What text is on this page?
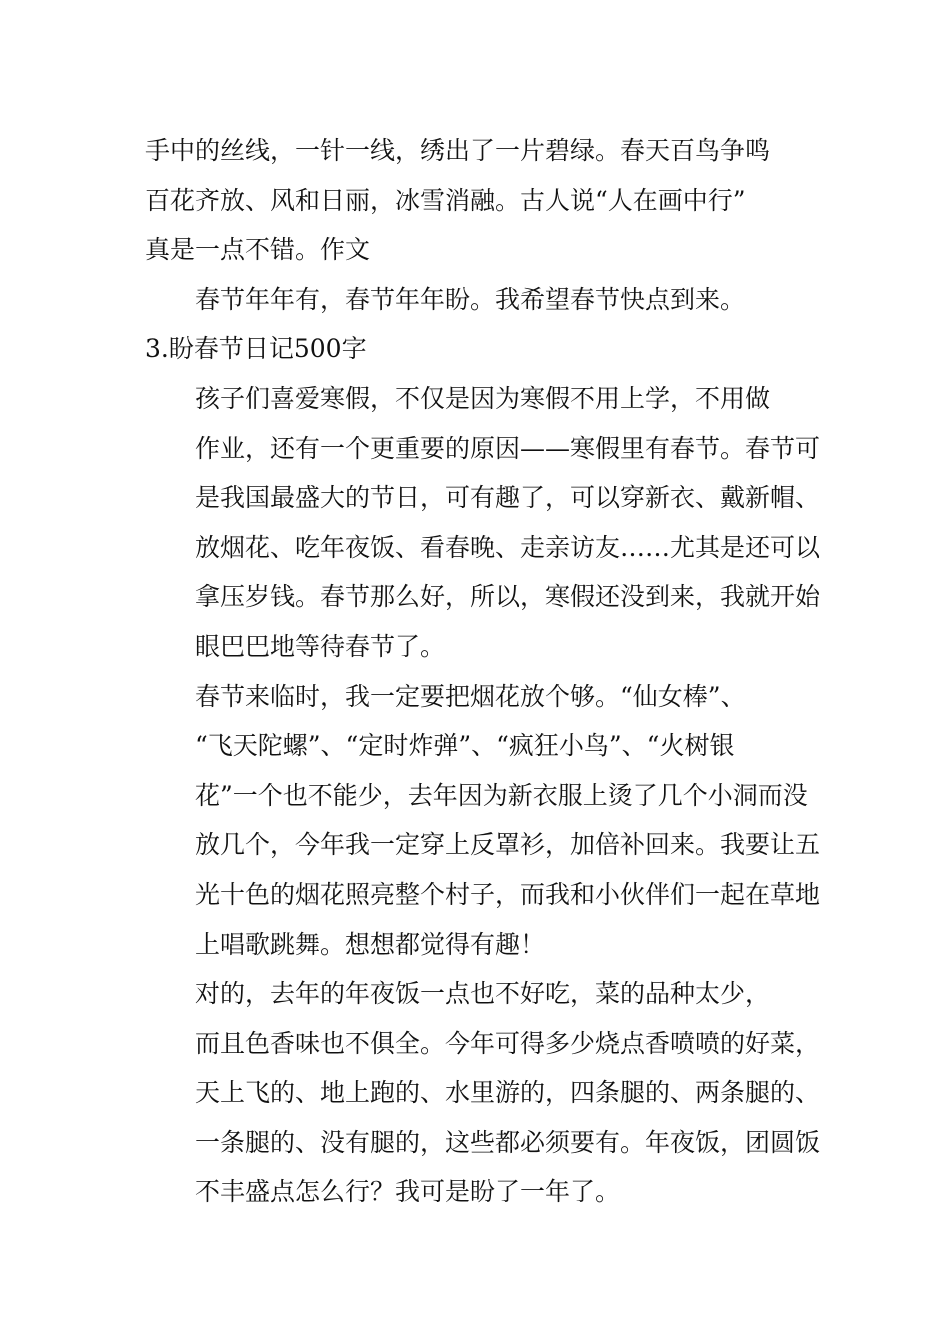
手中的丝线，一针一线，绣出了一片碧绿。春天百鸟争鸣
百花齐放、风和日丽，冰雪消融。古人说“人在画中行”
真是一点不错。作文

春节年年有，春节年年盼。我希望春节快点到来。

3.盼春节日记500字

孩子们喜爱寒假，不仅是因为寒假不用上学，不用做
作业，还有一个更重要的原因——寒假里有春节。春节可
是我国最盛大的节日，可有趣了，可以穿新衣、戴新帽、
放烟花、吃年夜饭、看春晚、走亲访友……尤其是还可以
拿压岁钱。春节那么好，所以，寒假还没到来，我就开始
眼巴巴地等待春节了。

春节来临时，我一定要把烟花放个够。“仙女棒”、
“飞天陀螺”、“定时炸弹”、“疯狂小鸟”、“火树银
花”一个也不能少，去年因为新衣服上烫了几个小洞而没
放几个，今年我一定穿上反罩衫，加倍补回来。我要让五
光十色的烟花照亮整个村子，而我和小伙伴们一起在草地
上唱歌跳舞。想想都觉得有趣！

对的，去年的年夜饭一点也不好吃，菜的品种太少，
而且色香味也不俱全。今年可得多少烧点香喷喷的好菜，
天上飞的、地上跑的、水里游的，四条腿的、两条腿的、
一条腿的、没有腿的，这些都必须要有。年夜饭，团圆饭
不丰盛点怎么行？我可是盼了一年了。
